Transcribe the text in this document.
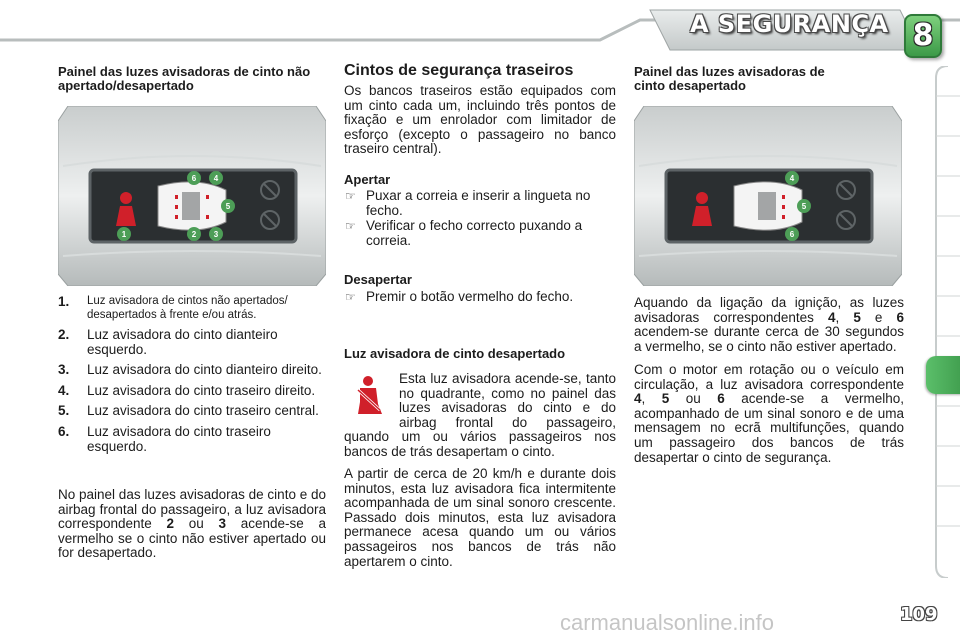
A SEGURANÇA 8

Painel das luzes avisadoras de cinto não apertado/desapertado

6 4
5
1	2 3
1. Luz avisadora de cintos não apertados/ desapertados à frente e/ou atrás.
2. Luz avisadora do cinto dianteiro esquerdo.
3. Luz avisadora do cinto dianteiro direito.
4. Luz avisadora do cinto traseiro direito.
5. Luz avisadora do cinto traseiro central.
6. Luz avisadora do cinto traseiro esquerdo.

No painel das luzes avisadoras de cinto e do airbag frontal do passageiro, a luz avisadora correspondente 2 ou 3 acende-se a vermelho se o cinto não estiver apertado ou for desapertado.

Cintos de segurança traseiros

Os bancos traseiros estão equipados com um cinto cada um, incluindo três pontos de fixação e um enrolador com limitador de esforço (excepto o passageiro no banco traseiro central).

Apertar

☞ Puxar a correia e inserir a lingueta no fecho.
☞ Verificar o fecho correcto puxando a correia.

Desapertar

☞ Premir o botão vermelho do fecho.

Luz avisadora de cinto desapertado

Esta luz avisadora acende-se, tanto no quadrante, como no painel das luzes avisadoras do cinto e do airbag frontal do passageiro, quando um ou vários passageiros nos bancos de trás desapertam o cinto.

A partir de cerca de 20 km/h e durante dois minutos, esta luz avisadora fica intermitente acompanhada de um sinal sonoro crescente. Passado dois minutos, esta luz avisadora permanece acesa quando um ou vários passageiros nos bancos de trás não apertarem o cinto.

Painel das luzes avisadoras de cinto desapertado

4
5
6

Aquando da ligação da ignição, as luzes avisadoras correspondentes 4, 5 e 6 acendem-se durante cerca de 30 segundos a vermelho, se o cinto não estiver apertado.

Com o motor em rotação ou o veículo em circulação, a luz avisadora correspondente 4, 5 ou 6 acende-se a vermelho, acompanhado de um sinal sonoro e de uma mensagem no ecrã multifunções, quando um passageiro dos bancos de trás desapertar o cinto de segurança.

carmanualsonline.info	109
